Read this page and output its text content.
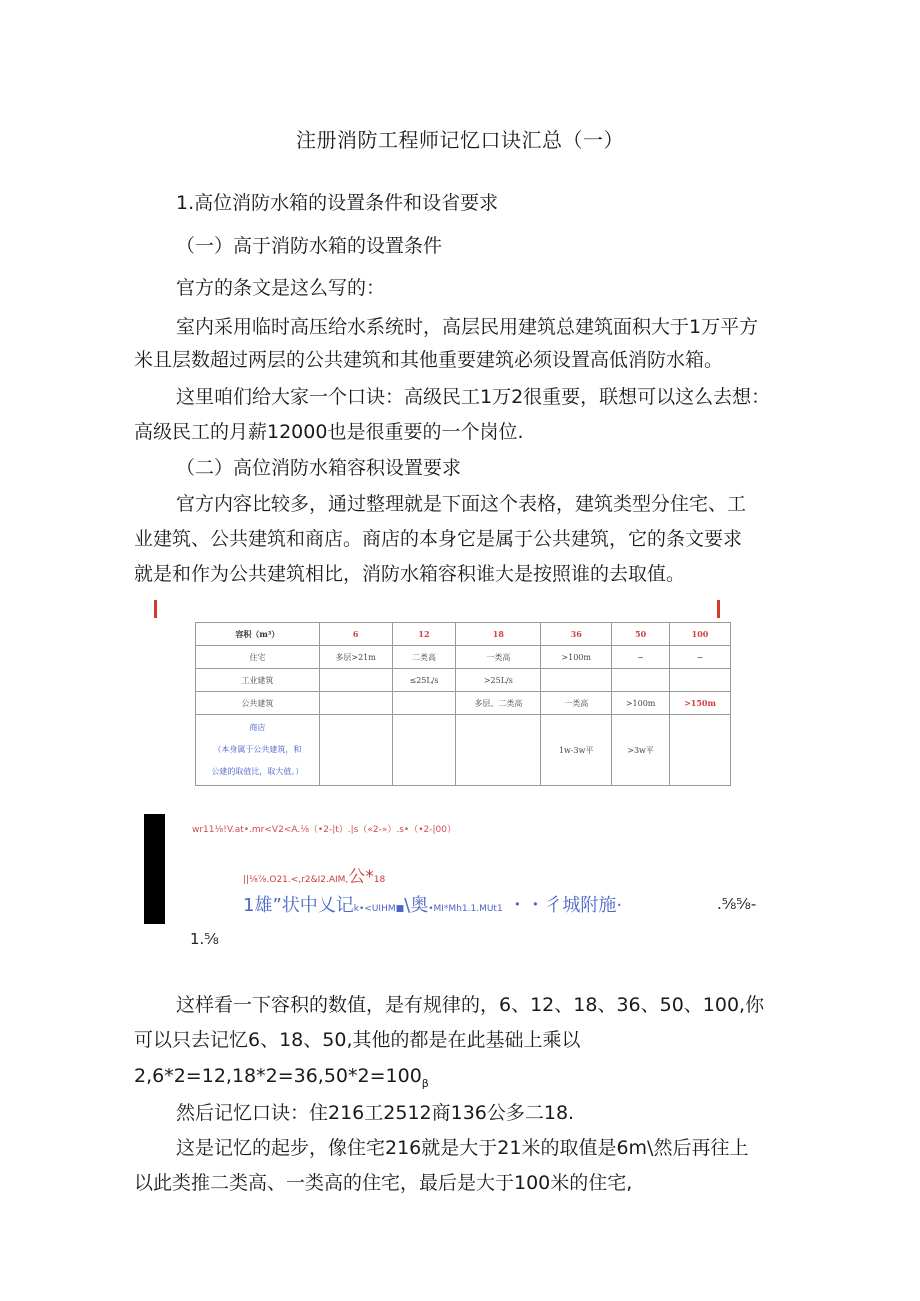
注册消防工程师记忆口诀汇总（一）
1.高位消防水箱的设置条件和设省要求
（一）高于消防水箱的设置条件
官方的条文是这么写的：
室内采用临时高压给水系统时，高层民用建筑总建筑面积大于1万平方
米且层数超过两层的公共建筑和其他重要建筑必须设置高低消防水箱。
这里咱们给大家一个口诀：高级民工1万2很重要，联想可以这么去想：
高级民工的月薪12000也是很重要的一个岗位.
（二）高位消防水箱容积设置要求
官方内容比较多，通过整理就是下面这个表格，建筑类型分住宅、工
业建筑、公共建筑和商店。商店的本身它是属于公共建筑，它的条文要求
就是和作为公共建筑相比，消防水箱容积谁大是按照谁的去取值。
容积（m³）	6	12	18	36	50	100
住宅	多层>21m	二类高	一类高	>100m	~	~
工业建筑		≤25L/s	>25L/s			
公共建筑			多层、二类高	一类高	>100m	>150m

商店
（本身属于公共建筑，和
公建的取值比，取大值。）				1w-3w平	>3w平	
wr11⅛!V.at•.mr<V2<A.⅛（•2-|t）.|s（«2-»）.s•（•2-|00）
||⅛⅞.O21.<,r2&I2.AIM,公*18
1雄”状中乂记k•<UIHM■\奥•MI*Mh1.1.MUt1 ・・彳城附施·	.⅝⅝-
1.⅝
这样看一下容积的数值，是有规律的，6、12、18、36、50、100,你
可以只去记忆6、18、50,其他的都是在此基础上乘以
$2,6*2=12,18*2=36,50*2=100_\beta$
然后记忆口诀：住216工2512商136公多二18.
这是记忆的起步，像住宅216就是大于21米的取值是6m\然后再往上
以此类推二类高、一类高的住宅，最后是大于100米的住宅,
